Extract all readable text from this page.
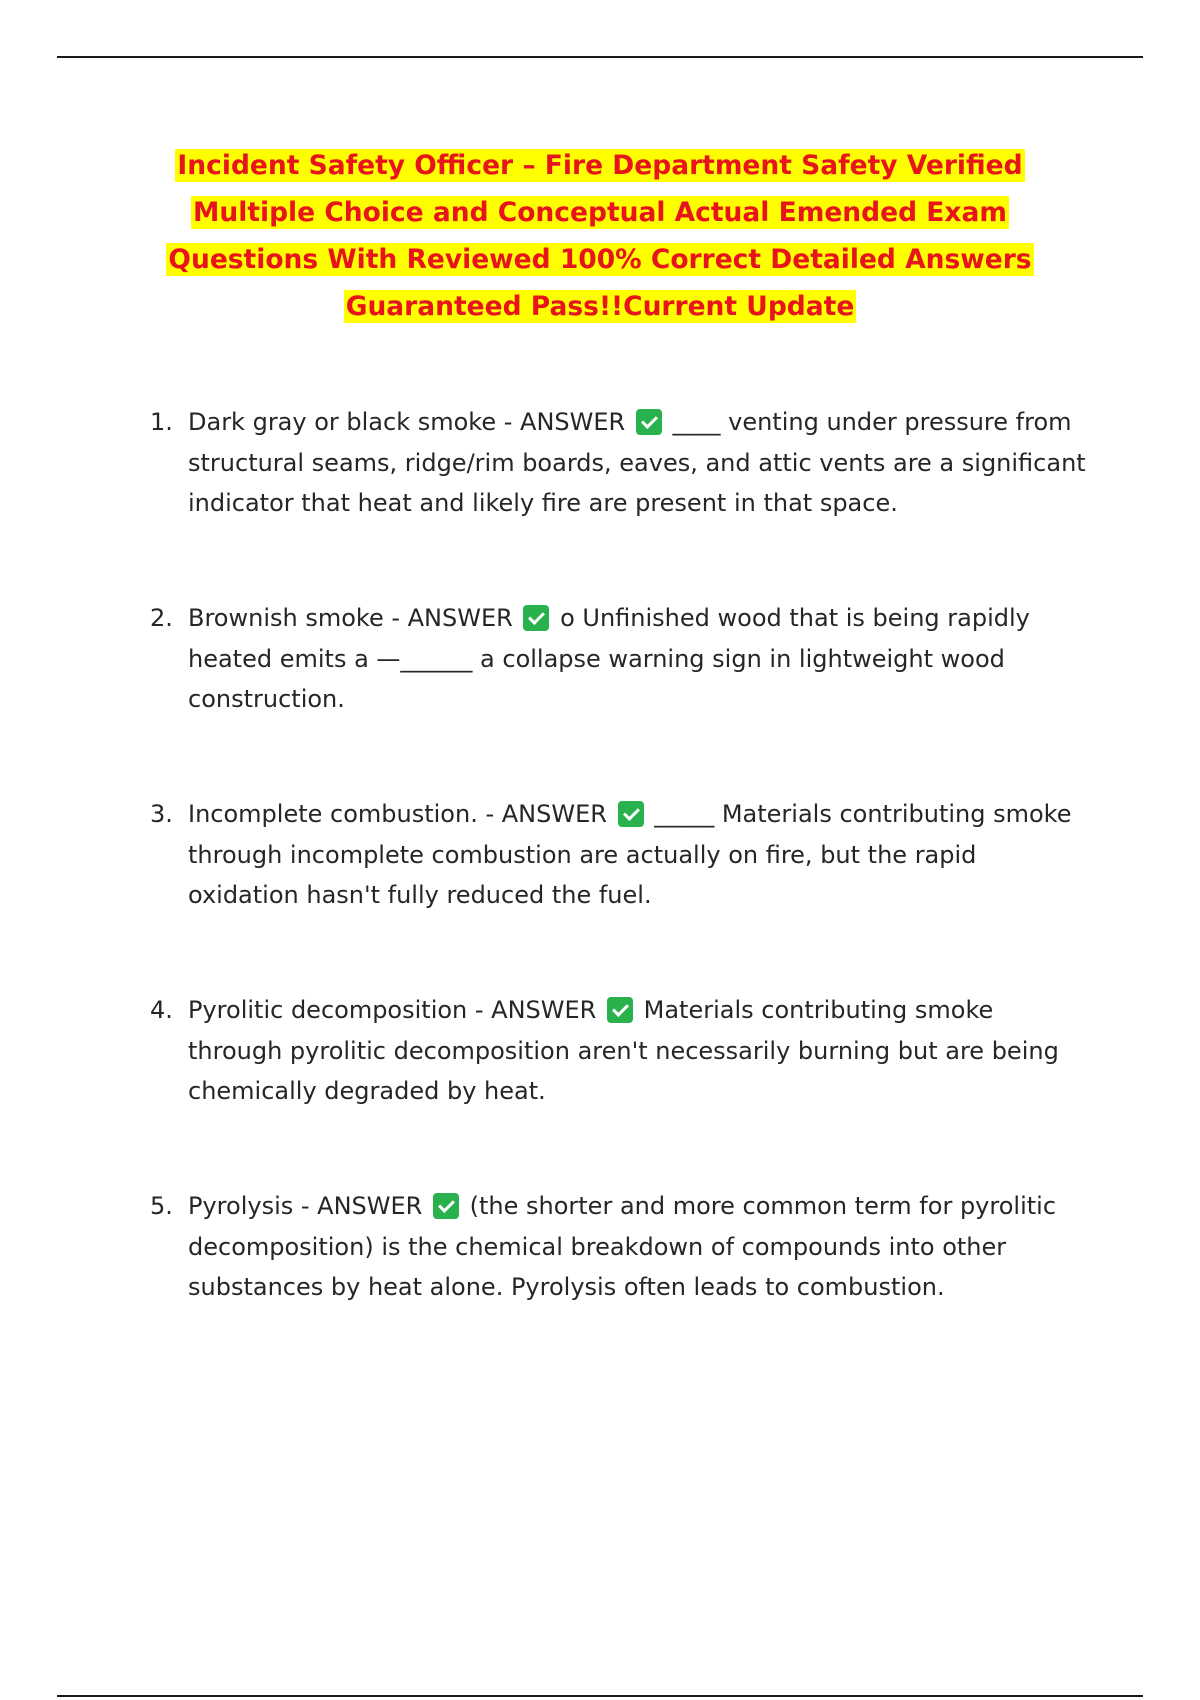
Incident Safety Officer – Fire Department Safety Verified
Multiple Choice and Conceptual Actual Emended Exam
Questions With Reviewed 100% Correct Detailed Answers
Guaranteed Pass!!Current Update
1. Dark gray or black smoke - ANSWER ____ venting under pressure from structural seams, ridge/rim boards, eaves, and attic vents are a significant indicator that heat and likely fire are present in that space.
2. Brownish smoke - ANSWER o Unfinished wood that is being rapidly heated emits a —______ a collapse warning sign in lightweight wood construction.
3. Incomplete combustion. - ANSWER _____ Materials contributing smoke through incomplete combustion are actually on fire, but the rapid oxidation hasn't fully reduced the fuel.
4. Pyrolitic decomposition - ANSWER Materials contributing smoke through pyrolitic decomposition aren't necessarily burning but are being chemically degraded by heat.
5. Pyrolysis - ANSWER (the shorter and more common term for pyrolitic decomposition) is the chemical breakdown of compounds into other substances by heat alone. Pyrolysis often leads to combustion.
